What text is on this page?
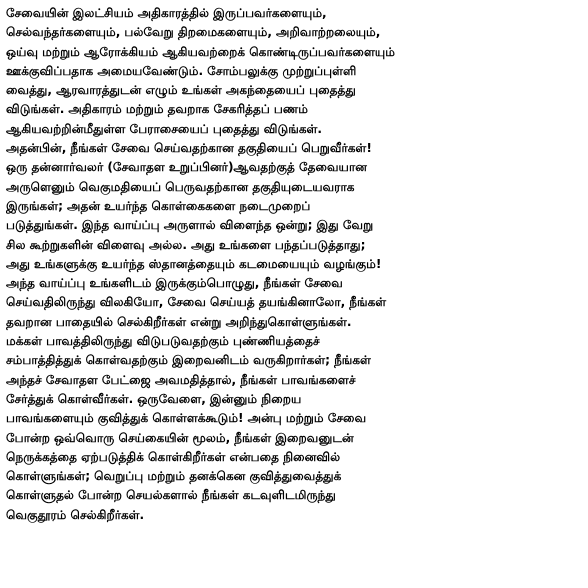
சேவையின் இலட்சியம் அதிகாரத்தில் இருப்பவர்களையும்,
செல்வந்தர்களையும், பல்வேறு திறமைகளையும், அறிவாற்றலையும்,
ஒய்வு மற்றும் ஆரோக்கியம் ஆகியவற்றைக் கொண்டிருப்பவர்களையும்
ஊக்குவிப்பதாக அமையவேண்டும். சோம்பலுக்கு முற்றுப்புள்ளி
வைத்து, ஆரவாரத்துடன் எழும் உங்கள் அகந்தையைப் புதைத்து
விடுங்கள். அதிகாரம் மற்றும் தவறாக சேகரித்தப் பணம்
ஆகியவற்றின்மீதுள்ள பேராசையைப் புதைத்து விடுங்கள்.
அதன்பின், நீங்கள் சேவை செய்வதற்கான தகுதியைப் பெறுவீர்கள்!
ஒரு தன்னார்வலர் (சேவாதள உறுப்பினர்)ஆவதற்குத் தேவையான
அருளெனும் வெகுமதியைப் பெருவதற்கான தகுதியுடையவராக
இருங்கள்; அதன் உயர்ந்த கொள்கைகளை நடைமுறைப்
படுத்துங்கள். இந்த வாய்ப்பு அருளால் விளைந்த ஒன்று; இது வேறு
சில கூற்றுகளின் விளைவு அல்ல. அது உங்களை பந்தப்படுத்தாது;
அது உங்களுக்கு உயர்ந்த ஸ்தானத்தையும் கடமையையும் வழங்கும்!
அந்த வாய்ப்பு உங்களிடம் இருக்கும்பொழுது, நீங்கள் சேவை
செய்வதிலிருந்து விலகியோ, சேவை செய்யத் தயங்கினாலோ, நீங்கள்
தவறான பாதையில் செல்கிறீர்கள் என்று அறிந்துகொள்ளுங்கள்.
மக்கள் பாவத்திலிருந்து விடுபடுவதற்கும் புண்ணியத்தைச்
சம்பாத்தித்துக் கொள்வதற்கும் இறைவனிடம் வருகிறார்கள்; நீங்கள்
அந்தச் சேவாதள பேட்ஜை அவமதித்தால், நீங்கள் பாவங்களைச்
சேர்த்துக் கொள்வீர்கள். ஒருவேளை, இன்னும் நிறைய
பாவங்களையும் குவித்துக் கொள்ளக்கூடும்! அன்பு மற்றும் சேவை
போன்ற ஒவ்வொரு செய்கையின் மூலம், நீங்கள் இறைவனுடன்
நெருக்கத்தை ஏற்படுத்திக் கொள்கிறீர்கள் என்பதை நினைவில்
கொள்ளுங்கள்; வெறுப்பு மற்றும் தனக்கென குவித்துவைத்துக்
கொள்ளுதல் போன்ற செயல்களால் நீங்கள் கடவுளிடமிருந்து
வெகுதூரம் செல்கிறீர்கள்.
